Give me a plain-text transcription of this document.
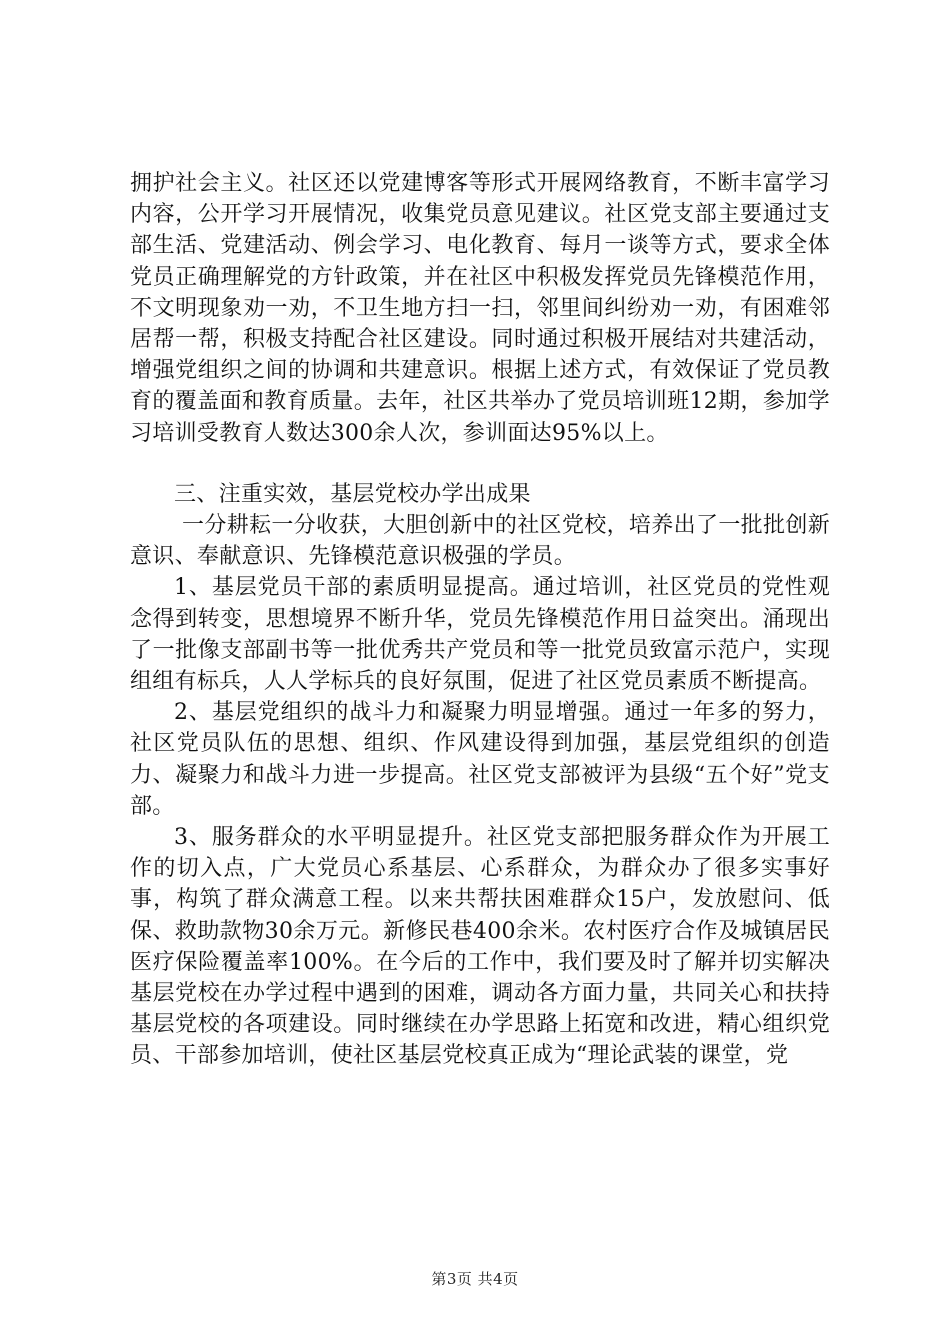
拥护社会主义。社区还以党建博客等形式开展网络教育，不断丰富学习内容，公开学习开展情况，收集党员意见建议。社区党支部主要通过支部生活、党建活动、例会学习、电化教育、每月一谈等方式，要求全体党员正确理解党的方针政策，并在社区中积极发挥党员先锋模范作用，不文明现象劝一劝，不卫生地方扫一扫，邻里间纠纷劝一劝，有困难邻居帮一帮，积极支持配合社区建设。同时通过积极开展结对共建活动，增强党组织之间的协调和共建意识。根据上述方式，有效保证了党员教育的覆盖面和教育质量。去年，社区共举办了党员培训班12期，参加学习培训受教育人数达300余人次，参训面达95%以上。

三、注重实效，基层党校办学出成果

一分耕耘一分收获，大胆创新中的社区党校，培养出了一批批创新意识、奉献意识、先锋模范意识极强的学员。

1、基层党员干部的素质明显提高。通过培训，社区党员的党性观念得到转变，思想境界不断升华，党员先锋模范作用日益突出。涌现出了一批像支部副书等一批优秀共产党员和等一批党员致富示范户，实现组组有标兵，人人学标兵的良好氛围，促进了社区党员素质不断提高。

2、基层党组织的战斗力和凝聚力明显增强。通过一年多的努力，社区党员队伍的思想、组织、作风建设得到加强，基层党组织的创造力、凝聚力和战斗力进一步提高。社区党支部被评为县级“五个好”党支部。

3、服务群众的水平明显提升。社区党支部把服务群众作为开展工作的切入点，广大党员心系基层、心系群众，为群众办了很多实事好事，构筑了群众满意工程。以来共帮扶困难群众15户，发放慰问、低保、救助款物30余万元。新修民巷400余米。农村医疗合作及城镇居民医疗保险覆盖率100%。在今后的工作中，我们要及时了解并切实解决基层党校在办学过程中遇到的困难，调动各方面力量，共同关心和扶持基层党校的各项建设。同时继续在办学思路上拓宽和改进，精心组织党员、干部参加培训，使社区基层党校真正成为“理论武装的课堂，党

第3页 共4页
